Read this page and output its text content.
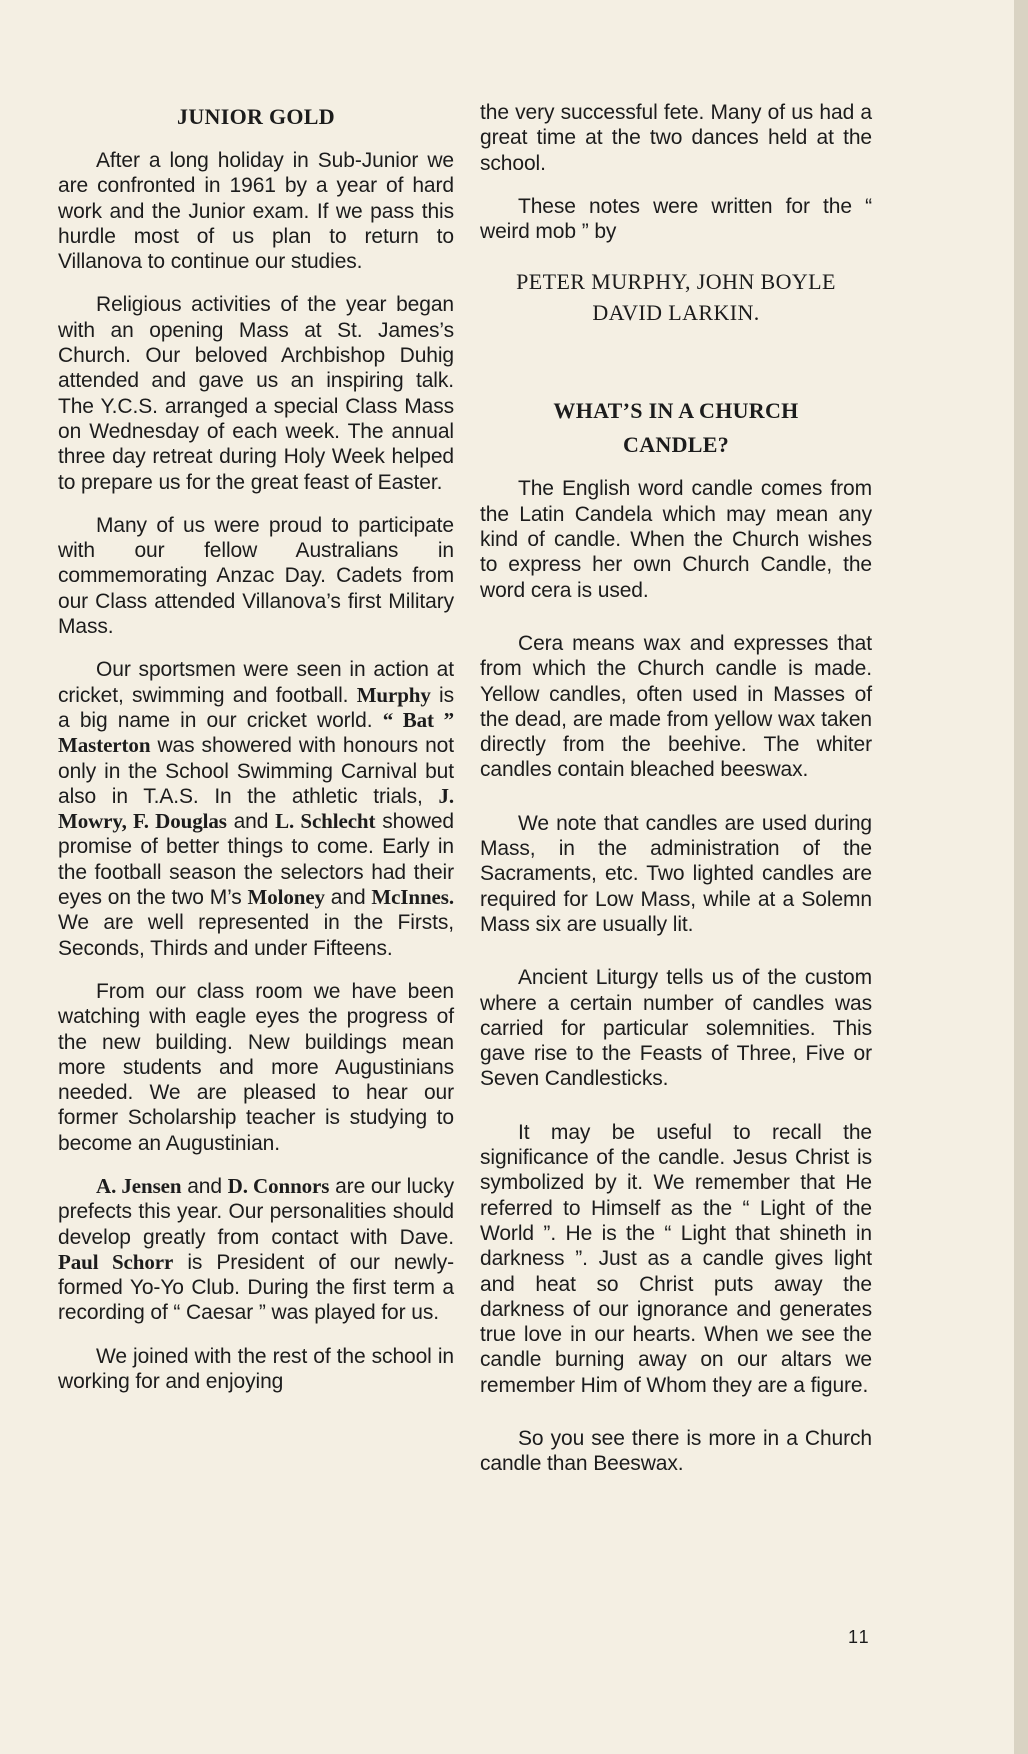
JUNIOR GOLD

After a long holiday in Sub-Junior we are confronted in 1961 by a year of hard work and the Junior exam. If we pass this hurdle most of us plan to return to Villanova to continue our studies.

Religious activities of the year began with an opening Mass at St. James’s Church. Our beloved Archbishop Duhig attended and gave us an inspiring talk. The Y.C.S. arranged a special Class Mass on Wednesday of each week. The annual three day retreat during Holy Week helped to prepare us for the great feast of Easter.

Many of us were proud to participate with our fellow Australians in commemorating Anzac Day. Cadets from our Class attended Villanova’s first Military Mass.

Our sportsmen were seen in action at cricket, swimming and football. Murphy is a big name in our cricket world. “ Bat ” Masterton was showered with honours not only in the School Swimming Carnival but also in T.A.S. In the athletic trials, J. Mowry, F. Douglas and L. Schlecht showed promise of better things to come. Early in the football season the selectors had their eyes on the two M’s Moloney and McInnes. We are well represented in the Firsts, Seconds, Thirds and under Fifteens.

From our class room we have been watching with eagle eyes the progress of the new building. New buildings mean more students and more Augustinians needed. We are pleased to hear our former Scholarship teacher is studying to become an Augustinian.

A. Jensen and D. Connors are our lucky prefects this year. Our personalities should develop greatly from contact with Dave. Paul Schorr is President of our newly-formed Yo-Yo Club. During the first term a recording of “ Caesar ” was played for us.

We joined with the rest of the school in working for and enjoying

the very successful fete. Many of us had a great time at the two dances held at the school.

These notes were written for the “ weird mob ” by

PETER MURPHY, JOHN BOYLE
DAVID LARKIN.
WHAT’S IN A CHURCH
CANDLE?

The English word candle comes from the Latin Candela which may mean any kind of candle. When the Church wishes to express her own Church Candle, the word cera is used.

Cera means wax and expresses that from which the Church candle is made. Yellow candles, often used in Masses of the dead, are made from yellow wax taken directly from the beehive. The whiter candles contain bleached beeswax.

We note that candles are used during Mass, in the administration of the Sacraments, etc. Two lighted candles are required for Low Mass, while at a Solemn Mass six are usually lit.

Ancient Liturgy tells us of the custom where a certain number of candles was carried for particular solemnities. This gave rise to the Feasts of Three, Five or Seven Candlesticks.

It may be useful to recall the significance of the candle. Jesus Christ is symbolized by it. We remember that He referred to Himself as the “ Light of the World ”. He is the “ Light that shineth in darkness ”. Just as a candle gives light and heat so Christ puts away the darkness of our ignorance and generates true love in our hearts. When we see the candle burning away on our altars we remember Him of Whom they are a figure.

So you see there is more in a Church candle than Beeswax.

11
